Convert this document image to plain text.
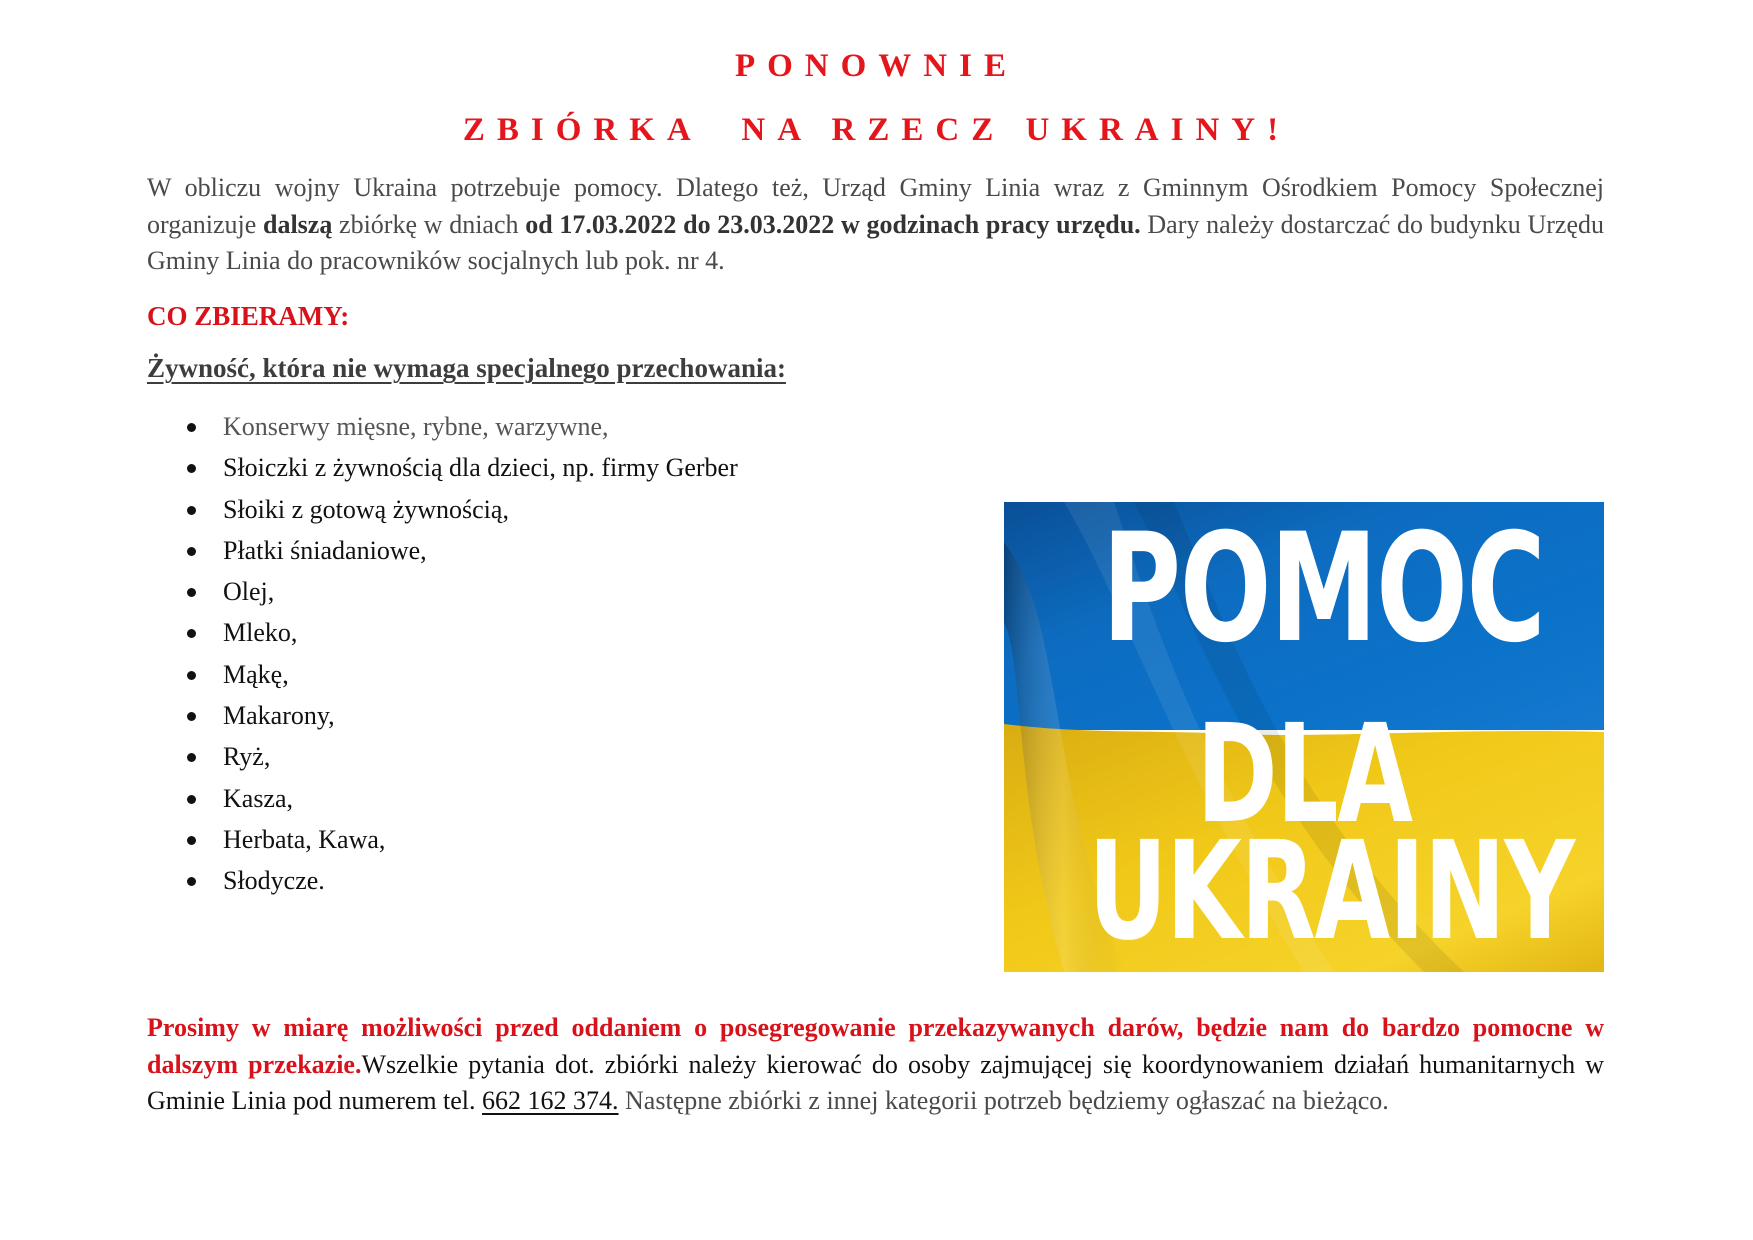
PONOWNIE
ZBIÓRKA  NA RZECZ UKRAINY!

W obliczu wojny Ukraina potrzebuje pomocy. Dlatego też, Urząd Gminy Linia wraz z Gminnym Ośrodkiem Pomocy Społecznej organizuje dalszą zbiórkę w dniach od 17.03.2022 do 23.03.2022 w godzinach pracy urzędu. Dary należy dostarczać do budynku Urzędu Gminy Linia do pracowników socjalnych lub pok. nr 4.

CO ZBIERAMY:
Żywność, która nie wymaga specjalnego przechowania:
Konserwy mięsne, rybne, warzywne,
Słoiczki z żywnością dla dzieci, np. firmy Gerber
Słoiki z gotową żywnością,
Płatki śniadaniowe,
Olej,
Mleko,
Mąkę,
Makarony,
Ryż,
Kasza,
Herbata, Kawa,
Słodycze.
POMOC
DLA
UKRAINY

Prosimy w miarę możliwości przed oddaniem o posegregowanie przekazywanych darów, będzie nam do bardzo pomocne w dalszym przekazie.Wszelkie pytania dot. zbiórki należy kierować do osoby zajmującej się koordynowaniem działań humanitarnych w Gminie Linia pod numerem tel. 662 162 374. Następne zbiórki z innej kategorii potrzeb będziemy ogłaszać na bieżąco.
